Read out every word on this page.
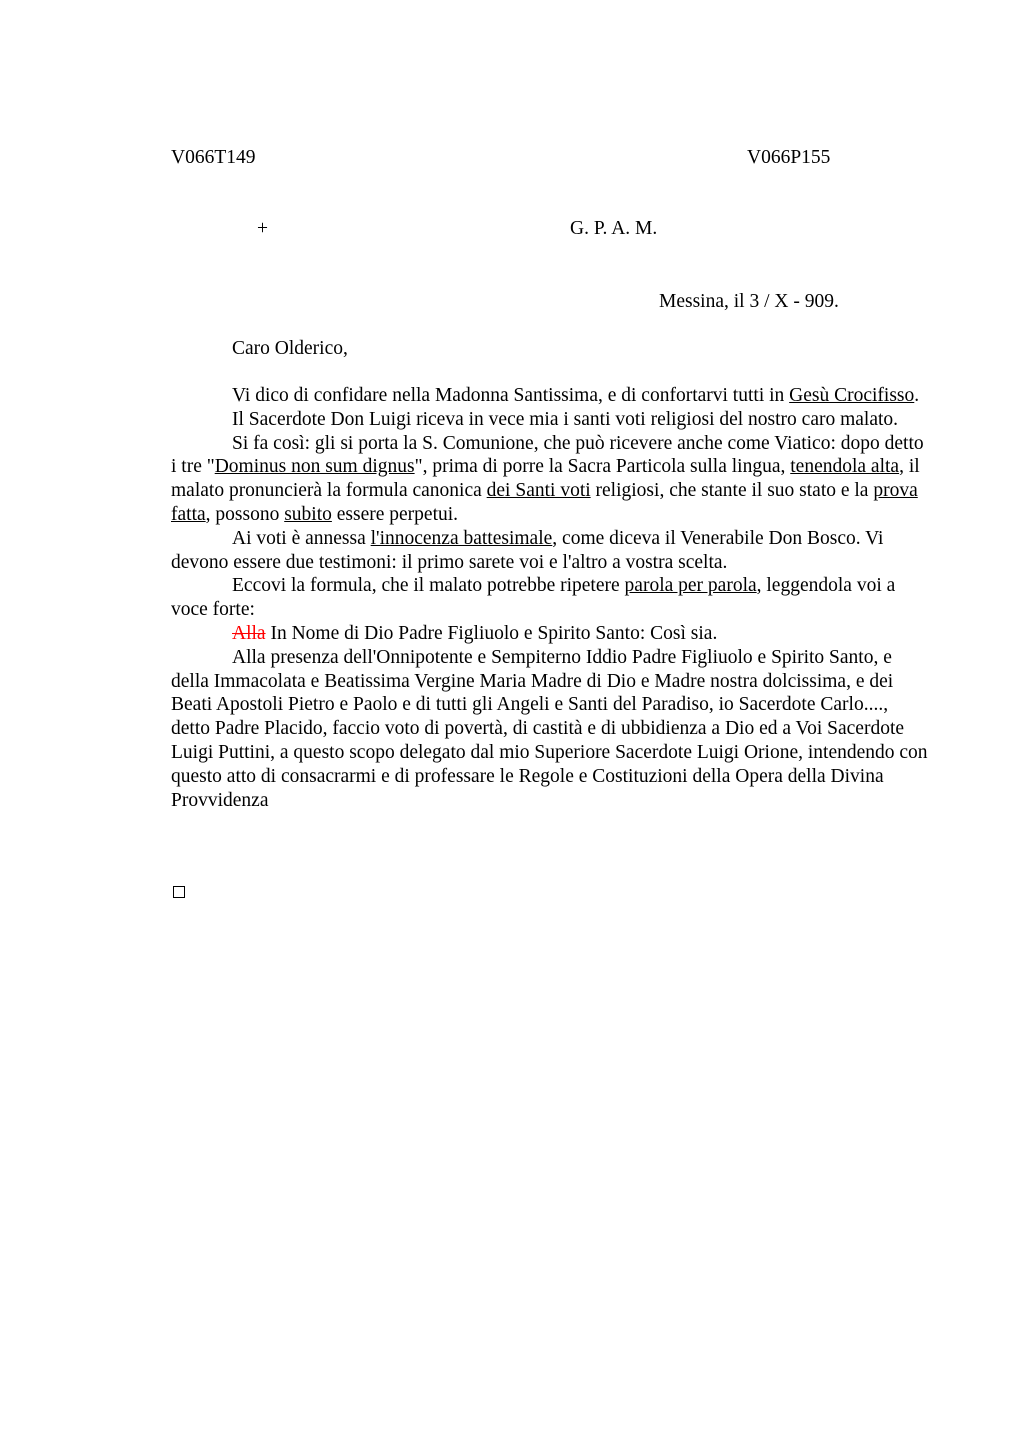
V066T149	V066P155
+	G. P. A. M.
Messina, il 3 / X - 909.
Caro Olderico,

Vi dico di confidare nella Madonna Santissima, e di confortarvi tutti in Gesù Crocifisso.

Il Sacerdote Don Luigi riceva in vece mia i santi voti religiosi del nostro caro malato.

Si fa così: gli si porta la S. Comunione, che può ricevere anche come Viatico: dopo detto i tre "Dominus non sum dignus", prima di porre la Sacra Particola sulla lingua, tenendola alta, il malato pronuncierà la formula canonica dei Santi voti religiosi, che stante il suo stato e la prova fatta, possono subito essere perpetui.

Ai voti è annessa l'innocenza battesimale, come diceva il Venerabile Don Bosco. Vi devono essere due testimoni: il primo sarete voi e l'altro a vostra scelta.

Eccovi la formula, che il malato potrebbe ripetere parola per parola, leggendola voi a voce forte:

Alla In Nome di Dio Padre Figliuolo e Spirito Santo: Così sia.

Alla presenza dell'Onnipotente e Sempiterno Iddio Padre Figliuolo e Spirito Santo, e della Immacolata e Beatissima Vergine Maria Madre di Dio e Madre nostra dolcissima, e dei Beati Apostoli Pietro e Paolo e di tutti gli Angeli e Santi del Paradiso, io Sacerdote Carlo...., detto Padre Placido, faccio voto di povertà, di castità e di ubbidienza a Dio ed a Voi Sacerdote Luigi Puttini, a questo scopo delegato dal mio Superiore Sacerdote Luigi Orione, intendendo con questo atto di consacrarmi e di professare le Regole e Costituzioni della Opera della Divina Provvidenza
